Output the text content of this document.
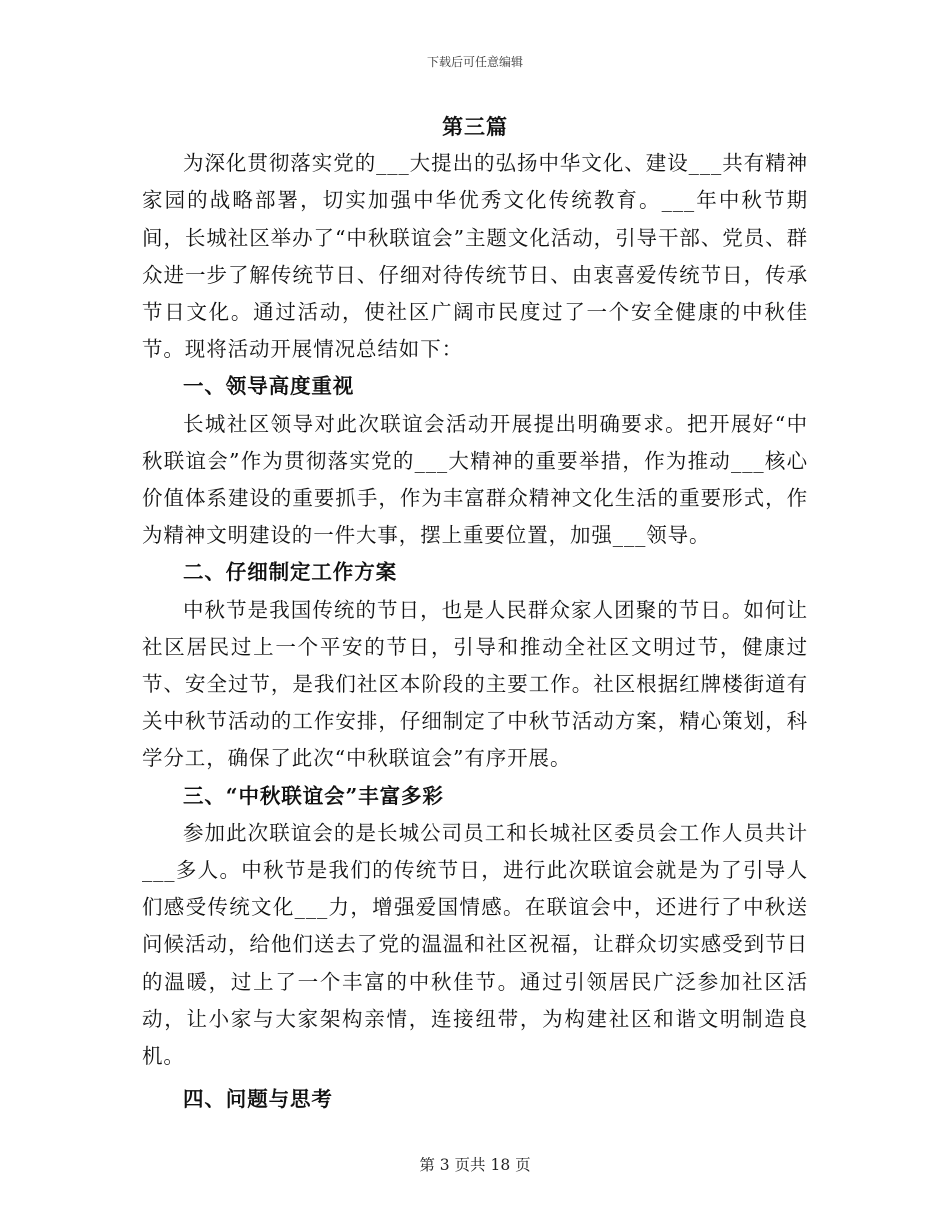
下载后可任意编辑
第三篇

为深化贯彻落实党的___大提出的弘扬中华文化、建设___共有精神家园的战略部署，切实加强中华优秀文化传统教育。___年中秋节期间，长城社区举办了“中秋联谊会”主题文化活动，引导干部、党员、群众进一步了解传统节日、仔细对待传统节日、由衷喜爱传统节日，传承节日文化。通过活动，使社区广阔市民度过了一个安全健康的中秋佳节。现将活动开展情况总结如下：

一、领导高度重视

长城社区领导对此次联谊会活动开展提出明确要求。把开展好“中秋联谊会”作为贯彻落实党的___大精神的重要举措，作为推动___核心价值体系建设的重要抓手，作为丰富群众精神文化生活的重要形式，作为精神文明建设的一件大事，摆上重要位置，加强___领导。

二、仔细制定工作方案

中秋节是我国传统的节日，也是人民群众家人团聚的节日。如何让社区居民过上一个平安的节日，引导和推动全社区文明过节，健康过节、安全过节，是我们社区本阶段的主要工作。社区根据红牌楼街道有关中秋节活动的工作安排，仔细制定了中秋节活动方案，精心策划，科学分工，确保了此次“中秋联谊会”有序开展。

三、“中秋联谊会”丰富多彩

参加此次联谊会的是长城公司员工和长城社区委员会工作人员共计___多人。中秋节是我们的传统节日，进行此次联谊会就是为了引导人们感受传统文化___力，增强爱国情感。在联谊会中，还进行了中秋送问候活动，给他们送去了党的温温和社区祝福，让群众切实感受到节日的温暖，过上了一个丰富的中秋佳节。通过引领居民广泛参加社区活动，让小家与大家架构亲情，连接纽带，为构建社区和谐文明制造良机。

四、问题与思考

第 3 页共 18 页
